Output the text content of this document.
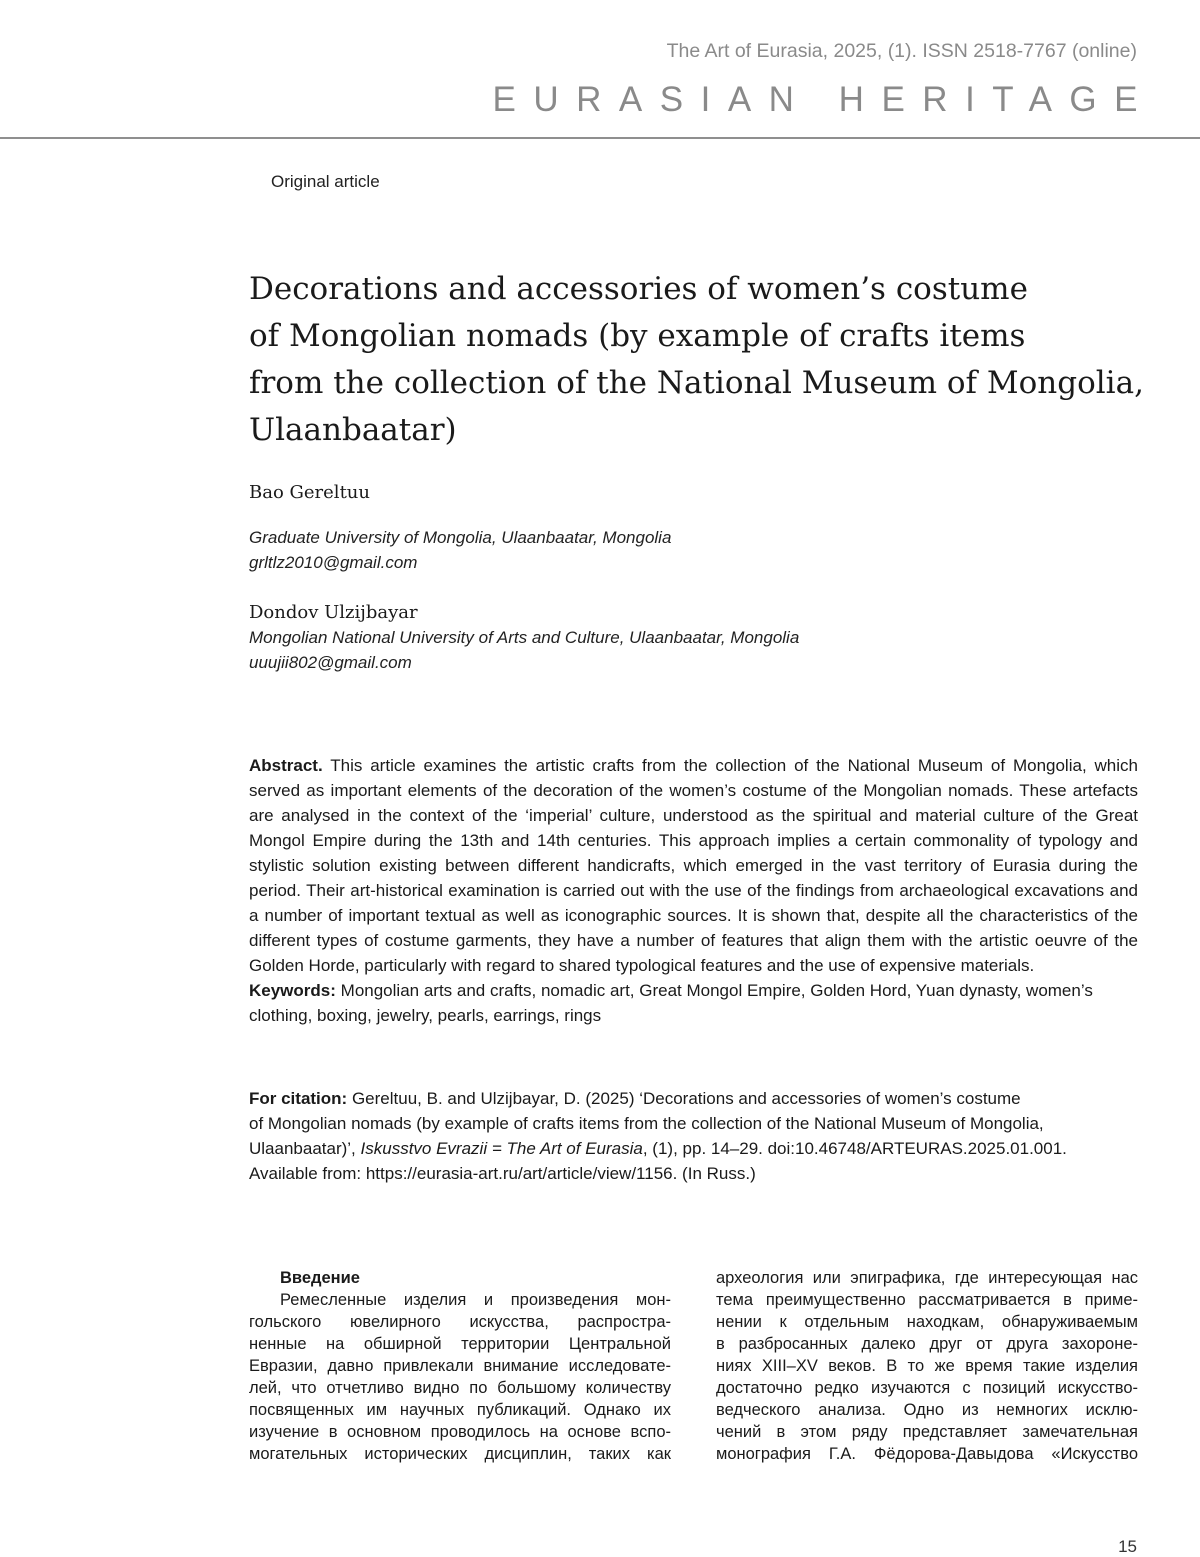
The Art of Eurasia, 2025, (1). ISSN 2518-7767 (online)
EURASIAN HERITAGE
Original article
Decorations and accessories of women’s costume
of Mongolian nomads (by example of crafts items
from the collection of the National Museum of Mongolia,
Ulaanbaatar)
Bao Gereltuu
Graduate University of Mongolia, Ulaanbaatar, Mongolia
grltlz2010@gmail.com
Dondov Ulzijbayar
Mongolian National University of Arts and Culture, Ulaanbaatar, Mongolia
uuujii802@gmail.com
Abstract. This article examines the artistic crafts from the collection of the National Museum of Mongolia, which served as important elements of the decoration of the women’s costume of the Mongolian nomads. These artefacts are analysed in the context of the ‘imperial’ culture, understood as the spiritual and material culture of the Great Mongol Empire during the 13th and 14th centuries. This approach implies a certain commonality of typology and stylistic solution existing between different handicrafts, which emerged in the vast territory of Eurasia during the period. Their art-historical examination is carried out with the use of the findings from archaeological excavations and a number of important textual as well as iconographic sources. It is shown that, despite all the characteristics of the different types of costume garments, they have a number of features that align them with the artistic oeuvre of the Golden Horde, particularly with regard to shared typological features and the use of expensive materials.
Keywords: Mongolian arts and crafts, nomadic art, Great Mongol Empire, Golden Hord, Yuan dynasty, women’s clothing, boxing, jewelry, pearls, earrings, rings
For citation: Gereltuu, B. and Ulzijbayar, D. (2025) ‘Decorations and accessories of women’s costume
of Mongolian nomads (by example of crafts items from the collection of the National Museum of Mongolia,
Ulaanbaatar)’, Iskusstvo Evrazii = The Art of Eurasia, (1), pp. 14–29. doi:10.46748/ARTEURAS.2025.01.001.
Available from: https://eurasia-art.ru/art/article/view/1156. (In Russ.)
Введение
Ремесленные изделия и произведения мон-
гольского ювелирного искусства, распростра-
ненные на обширной территории Центральной
Евразии, давно привлекали внимание исследовате-
лей, что отчетливо видно по большому количеству
посвященных им научных публикаций. Однако их
изучение в основном проводилось на основе вспо-
могательных исторических дисциплин, таких как
археология или эпиграфика, где интересующая нас
тема преимущественно рассматривается в приме-
нении к отдельным находкам, обнаруживаемым
в разбросанных далеко друг от друга захороне-
ниях XIII–XV веков. В то же время такие изделия
достаточно редко изучаются с позиций искусство-
ведческого анализа. Одно из немногих исклю-
чений в этом ряду представляет замечательная
монография Г.А. Фёдорова-Давыдова «Искусство
15
